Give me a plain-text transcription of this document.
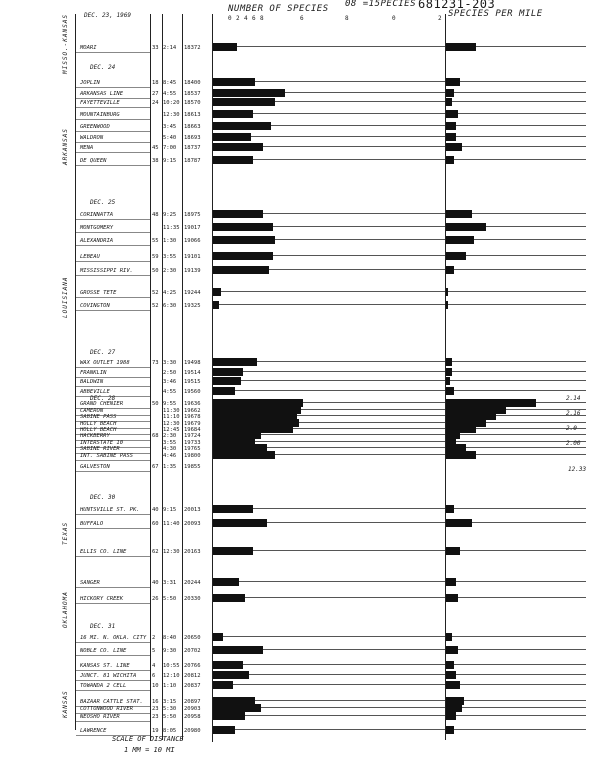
NUMBER OF SPECIES 08 =15PECIES 681231-203
SPECIES PER MILE
DEC. 23, 1969	0 2 4 6 8	6	8	0	2
MISSO.-KANSAS
ARKANSAS
LOUISIANA
TEXAS
OKLAHOMA
KANSAS
DEC. 24
MOARI	33 2:14 18372
JOPLIN	18 8:45 18400
ARKANSAS LINE	27 4:55 18537
FAYETTEVILLE	24 10:20 18570
MOUNTAINBURG	12:30 18613
GREENWOOD	3:45 18663
WALDRON	5:40 18693
MENA	45 7:00 18737
DE QUEEN	38 9:15 18787
DEC. 25
CORINNATTA	48 9:25 18975
MONTGOMERY	11:35 19017
ALEXANDRIA	55 1:30 19066
LEBEAU	59 3:55 19101
MISSISSIPPI RIV.	50 2:30 19139
GROSSE TETE	52 4:25 19244
COVINGTON	52 6:30 19325
DEC. 27
WAX OUTLET 1988	73 3:30 19498
FRANKLIN	2:50 19514
BALDWIN	3:46 19515
ABBEVILLE	4:55 19560
DEC. 28
GRAND CHENIER	50 9:55 19636
CAMERON	11:30 19662
SABINE PASS	11:10 19678
HOLLY BEACH	12:30 19679
HOLLY BEACH	12:45 19684
HACKBERRY	68 2:30 19724
INTERSTATE 10	3:55 19733
SABINE RIVER	4:30 19765
INT. SABINE PASS	4:46 19800
GALVESTON	67 1:35 19855
DEC. 30
HUNTSVILLE ST. PK. 40 9:15 20013
BUFFALO	60 11:40 20093
ELLIS CO. LINE	62 12:30 20163
SANGER	40 3:31 20244
HICKORY CREEK	26 5:50 20330
DEC. 31
16 MI. N. OKLA. CITY 2 8:40 20650
NOBLE CO. LINE	5 9:30 20702
KANSAS ST. LINE	4 10:55 20766
JUNCT. 81 WICHITA	6 12:10 20812
TOWANDA 2 CELL	10 1:10 20837
BAZAAR CATTLE STAT. 16 3:15 20897
COTTONWOOD RIVER	23 5:30 20903
NEOSHO RIVER	23 5:50 20958
LAWRENCE	19 8:05 20980
2.14
2.16
2.0
2.00
12.33
SCALE OF DISTANCE
1 MM = 10 MI
